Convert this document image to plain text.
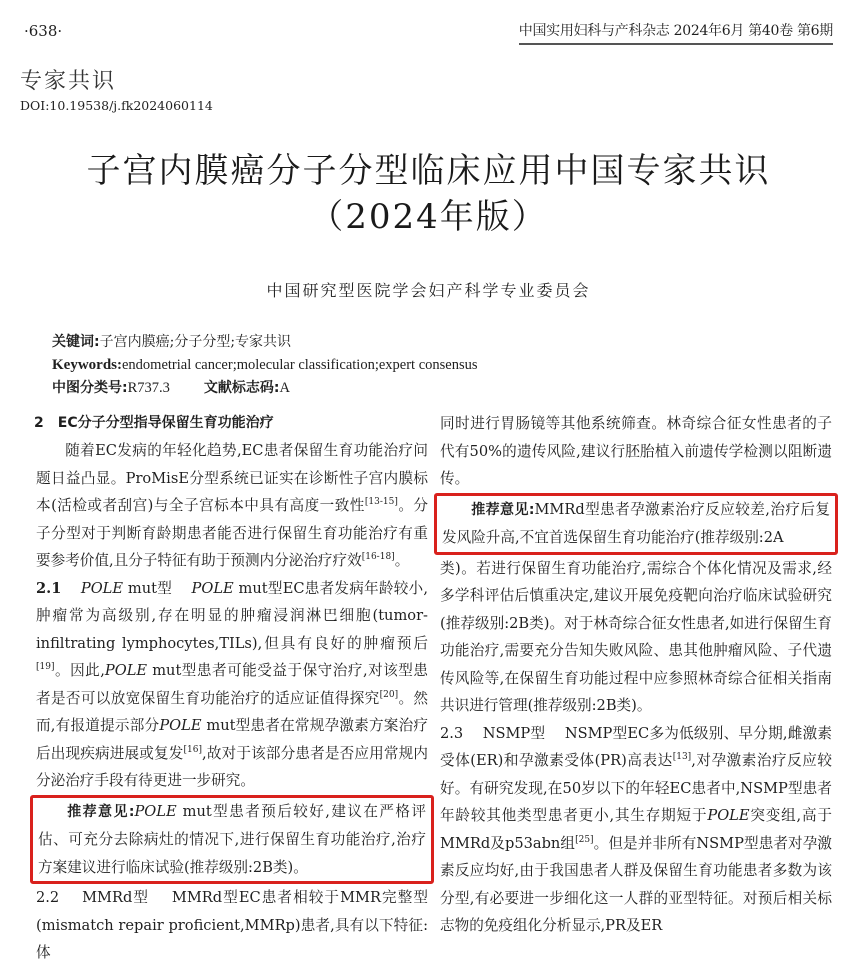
·638·	中国实用妇科与产科杂志 2024年6月 第40卷 第6期
专家共识
DOI:10.19538/j.fk2024060114
子宫内膜癌分子分型临床应用中国专家共识
（2024年版）
中国研究型医院学会妇产科学专业委员会
关键词:子宫内膜癌;分子分型;专家共识
Keywords:endometrial cancer;molecular classification;expert consensus
中图分类号:R737.3 文献标志码:A

2 EC分子分型指导保留生育功能治疗

随着EC发病的年轻化趋势,EC患者保留生育功能治疗问题日益凸显。ProMisE分型系统已证实在诊断性子宫内膜标本(活检或者刮宫)与全子宫标本中具有高度一致性[13-15]。分子分型对于判断育龄期患者能否进行保留生育功能治疗有重要参考价值,且分子特征有助于预测内分泌治疗疗效[16-18]。

2.1 POLE mut型 POLE mut型EC患者发病年龄较小,肿瘤常为高级别,存在明显的肿瘤浸润淋巴细胞(tumor-infiltrating lymphocytes,TILs),但具有良好的肿瘤预后[19]。因此,POLE mut型患者可能受益于保守治疗,对该型患者是否可以放宽保留生育功能治疗的适应证值得探究[20]。然而,有报道提示部分POLE mut型患者在常规孕激素方案治疗后出现疾病进展或复发[16],故对于该部分患者是否应用常规内分泌治疗手段有待更进一步研究。

推荐意见:POLE mut型患者预后较好,建议在严格评估、可充分去除病灶的情况下,进行保留生育功能治疗,治疗方案建议进行临床试验(推荐级别:2B类)。

2.2 MMRd型 MMRd型EC患者相较于MMR完整型(mismatch repair proficient,MMRp)患者,具有以下特征:体

同时进行胃肠镜等其他系统筛查。林奇综合征女性患者的子代有50%的遗传风险,建议行胚胎植入前遗传学检测以阻断遗传。

推荐意见:MMRd型患者孕激素治疗反应较差,治疗后复发风险升高,不宜首选保留生育功能治疗(推荐级别:2A

类)。若进行保留生育功能治疗,需综合个体化情况及需求,经多学科评估后慎重决定,建议开展免疫靶向治疗临床试验研究(推荐级别:2B类)。对于林奇综合征女性患者,如进行保留生育功能治疗,需要充分告知失败风险、患其他肿瘤风险、子代遗传风险等,在保留生育功能过程中应参照林奇综合征相关指南共识进行管理(推荐级别:2B类)。

2.3 NSMP型 NSMP型EC多为低级别、早分期,雌激素受体(ER)和孕激素受体(PR)高表达[13],对孕激素治疗反应较好。有研究发现,在50岁以下的年轻EC患者中,NSMP型患者年龄较其他类型患者更小,其生存期短于POLE突变组,高于MMRd及p53abn组[25]。但是并非所有NSMP型患者对孕激素反应均好,由于我国患者人群及保留生育功能患者多数为该分型,有必要进一步细化这一人群的亚型特征。对预后相关标志物的免疫组化分析显示,PR及ER
